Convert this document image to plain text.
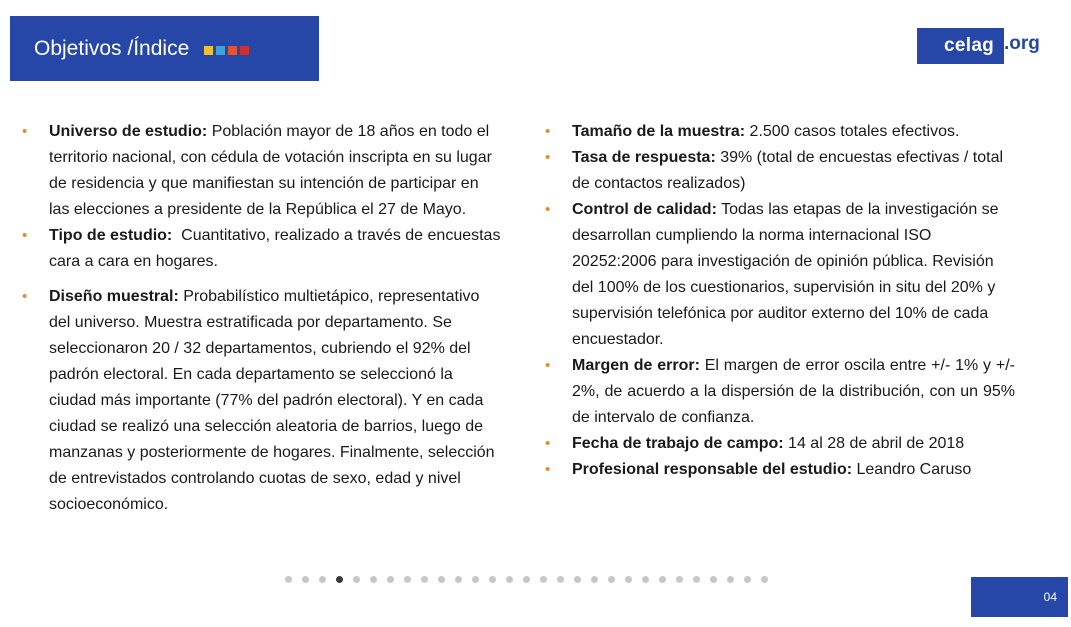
Objetivos /Índice	celag .org
• Universo de estudio: Población mayor de 18 años en todo el territorio nacional, con cédula de votación inscripta en su lugar de residencia y que manifiestan su intención de participar en las elecciones a presidente de la República el 27 de Mayo.
• Tipo de estudio:  Cuantitativo, realizado a través de encuestas cara a cara en hogares.
• Diseño muestral: Probabilístico multietápico, representativo del universo. Muestra estratificada por departamento. Se seleccionaron 20 / 32 departamentos, cubriendo el 92% del padrón electoral. En cada departamento se seleccionó la ciudad más importante (77% del padrón electoral). Y en cada ciudad se realizó una selección aleatoria de barrios, luego de manzanas y posteriormente de hogares. Finalmente, selección de entrevistados controlando cuotas de sexo, edad y nivel socioeconómico.
• Tamaño de la muestra: 2.500 casos totales efectivos.
• Tasa de respuesta: 39% (total de encuestas efectivas / total de contactos realizados)
• Control de calidad: Todas las etapas de la investigación se desarrollan cumpliendo la norma internacional ISO 20252:2006 para investigación de opinión pública. Revisión del 100% de los cuestionarios, supervisión in situ del 20% y supervisión telefónica por auditor externo del 10% de cada encuestador.
• Margen de error: El margen de error oscila entre +/- 1% y +/- 2%, de acuerdo a la dispersión de la distribución, con un 95% de intervalo de confianza.
• Fecha de trabajo de campo: 14 al 28 de abril de 2018
• Profesional responsable del estudio: Leandro Caruso
04
